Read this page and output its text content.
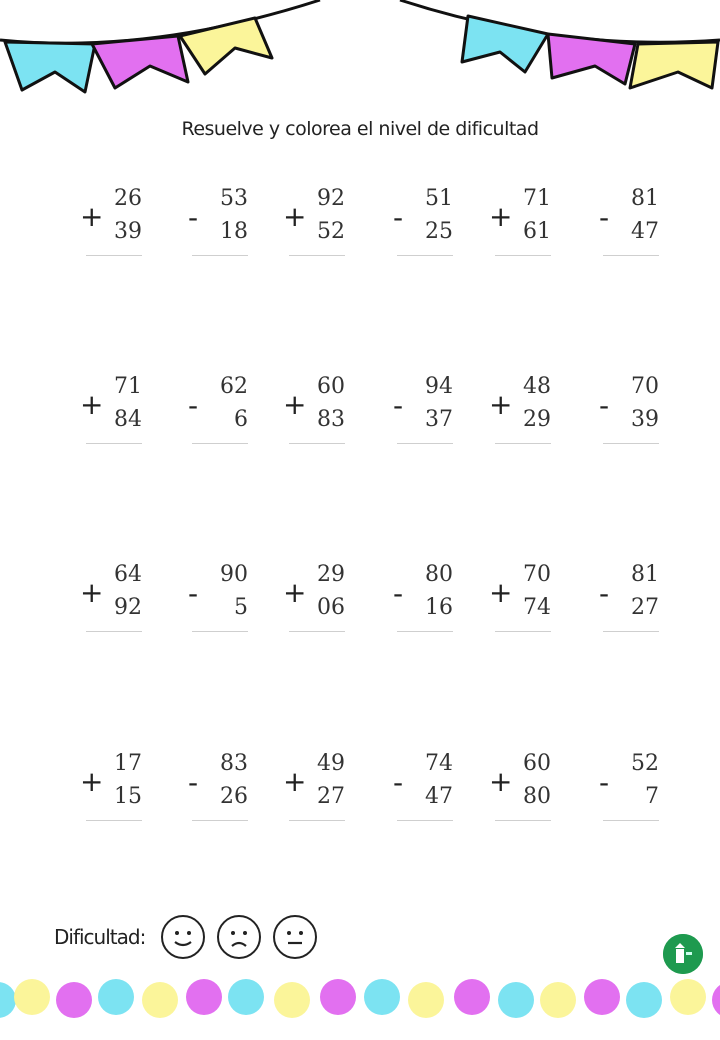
Resuelve y colorea el nivel de dificultad
+
26
39 -
53
18 +
92
52 -
51
25 +
71
61 -
81
47
+
71
84 -
62
6 +
60
83 -
94
37 +
48
29 -
70
39
+
64
92 -
90
5 +
29
06 -
80
16 +
70
74 -
81
27
+
17
15 -
83
26 +
49
27 -
74
47 +
60
80 -
52
7
Dificultad:
